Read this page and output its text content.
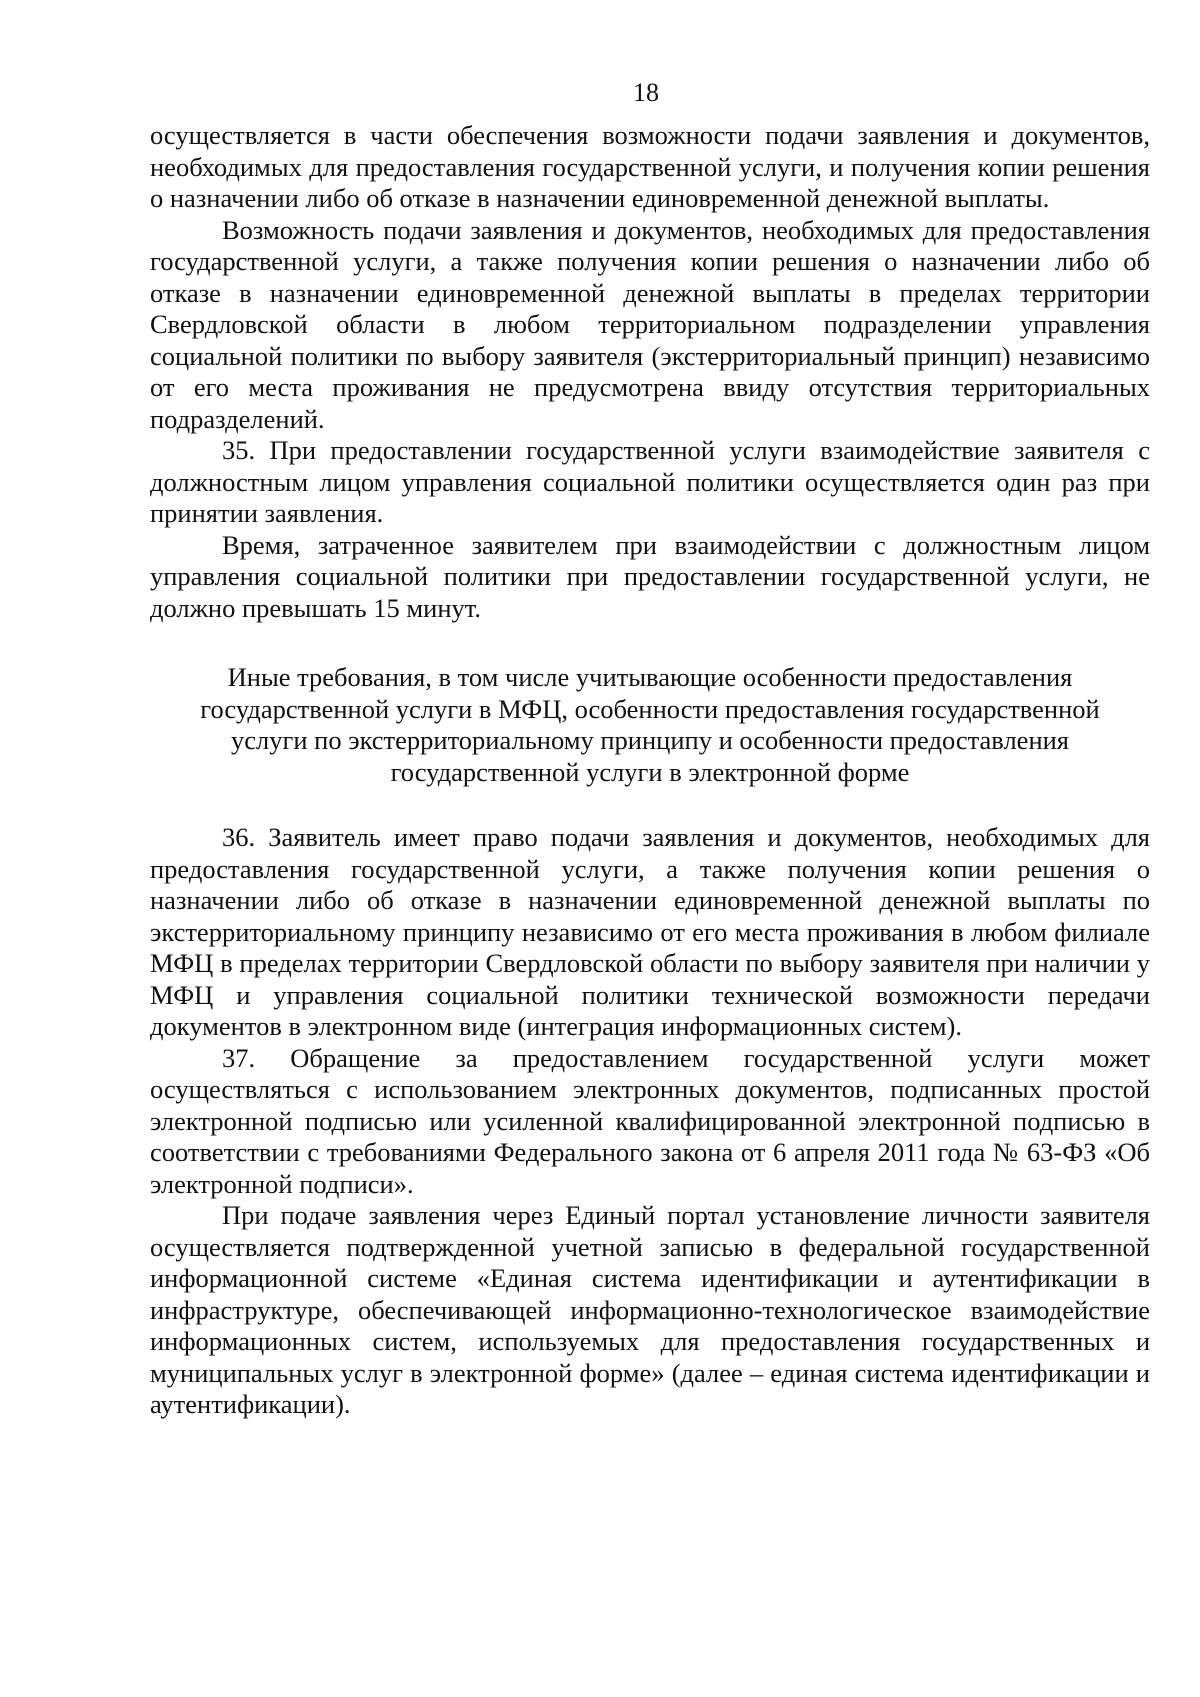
18

осуществляется в части обеспечения возможности подачи заявления и документов, необходимых для предоставления государственной услуги, и получения копии решения о назначении либо об отказе в назначении единовременной денежной выплаты.

Возможность подачи заявления и документов, необходимых для предоставления государственной услуги, а также получения копии решения о назначении либо об отказе в назначении единовременной денежной выплаты в пределах территории Свердловской области в любом территориальном подразделении управления социальной политики по выбору заявителя (экстерриториальный принцип) независимо от его места проживания не предусмотрена ввиду отсутствия территориальных подразделений.

35. При предоставлении государственной услуги взаимодействие заявителя с должностным лицом управления социальной политики осуществляется один раз при принятии заявления.

Время, затраченное заявителем при взаимодействии с должностным лицом управления социальной политики при предоставлении государственной услуги, не должно превышать 15 минут.

Иные требования, в том числе учитывающие особенности предоставления государственной услуги в МФЦ, особенности предоставления государственной услуги по экстерриториальному принципу и особенности предоставления государственной услуги в электронной форме

36. Заявитель имеет право подачи заявления и документов, необходимых для предоставления государственной услуги, а также получения копии решения о назначении либо об отказе в назначении единовременной денежной выплаты по экстерриториальному принципу независимо от его места проживания в любом филиале МФЦ в пределах территории Свердловской области по выбору заявителя при наличии у МФЦ и управления социальной политики технической возможности передачи документов в электронном виде (интеграция информационных систем).

37. Обращение за предоставлением государственной услуги может осуществляться с использованием электронных документов, подписанных простой электронной подписью или усиленной квалифицированной электронной подписью в соответствии с требованиями Федерального закона от 6 апреля 2011 года № 63-ФЗ «Об электронной подписи».

При подаче заявления через Единый портал установление личности заявителя осуществляется подтвержденной учетной записью в федеральной государственной информационной системе «Единая система идентификации и аутентификации в инфраструктуре, обеспечивающей информационно-технологическое взаимодействие информационных систем, используемых для предоставления государственных и муниципальных услуг в электронной форме» (далее – единая система идентификации и аутентификации).
